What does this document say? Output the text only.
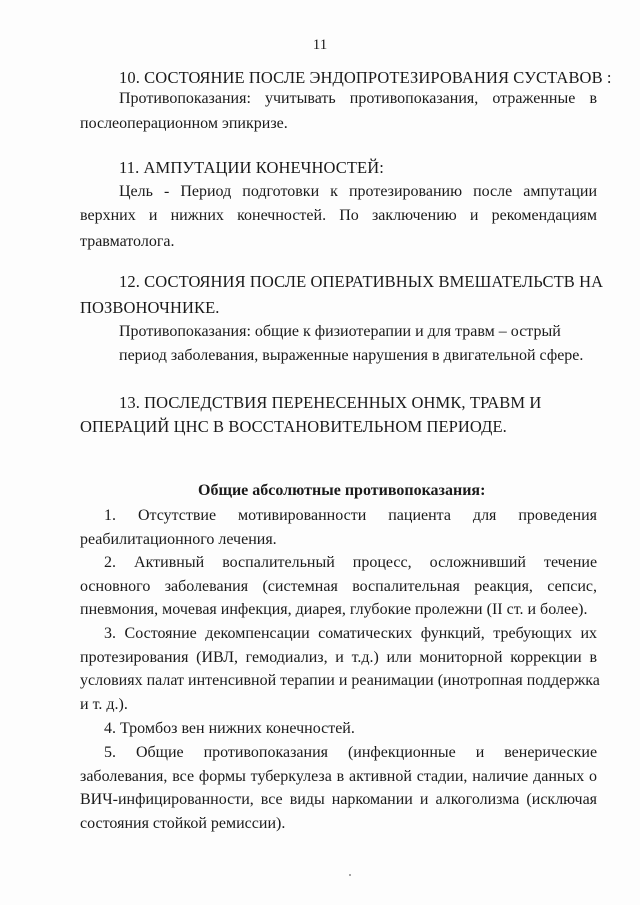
11
10. СОСТОЯНИЕ ПОСЛЕ ЭНДОПРОТЕЗИРОВАНИЯ СУСТАВОВ :
Противопоказания: учитывать противопоказания, отраженные в
послеоперационном эпикризе.
11. АМПУТАЦИИ КОНЕЧНОСТЕЙ:
Цель - Период подготовки к протезированию после ампутации
верхних и нижних конечностей. По заключению и рекомендациям
травматолога.
12. СОСТОЯНИЯ ПОСЛЕ ОПЕРАТИВНЫХ ВМЕШАТЕЛЬСТВ НА
ПОЗВОНОЧНИКЕ.
Противопоказания: общие к физиотерапии и для травм – острый
период заболевания, выраженные нарушения в двигательной сфере.
13. ПОСЛЕДСТВИЯ ПЕРЕНЕСЕННЫХ ОНМК, ТРАВМ И
ОПЕРАЦИЙ ЦНС В ВОССТАНОВИТЕЛЬНОМ ПЕРИОДЕ.
Общие абсолютные противопоказания:
1. Отсутствие мотивированности пациента для проведения
реабилитационного лечения.
2. Активный воспалительный процесс, осложнивший течение
основного заболевания (системная воспалительная реакция, сепсис,
пневмония, мочевая инфекция, диарея, глубокие пролежни (II ст. и более).
3. Состояние декомпенсации соматических функций, требующих их
протезирования (ИВЛ, гемодиализ, и т.д.) или мониторной коррекции в
условиях палат интенсивной терапии и реанимации (инотропная поддержка
и т. д.).
4. Тромбоз вен нижних конечностей.
5. Общие противопоказания (инфекционные и венерические
заболевания, все формы туберкулеза в активной стадии, наличие данных о
ВИЧ-инфицированности, все виды наркомании и алкоголизма (исключая
состояния стойкой ремиссии).
